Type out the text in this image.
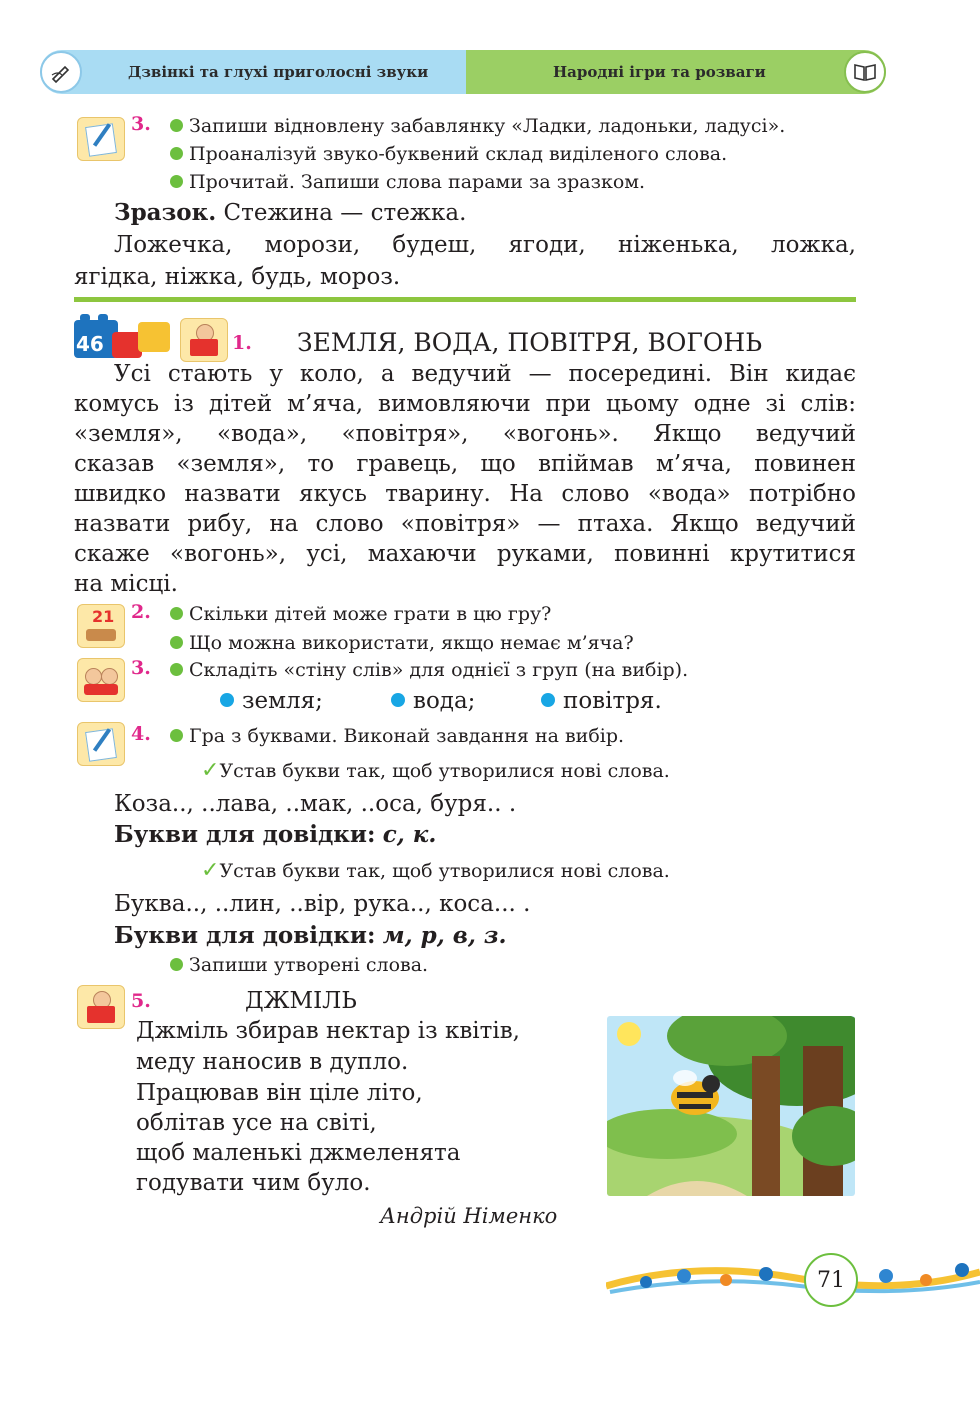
Дзвінкі та глухі приголосні звуки	Народні ігри та розваги
3.	Запиши відновлену забавлянку «Ладки, ладоньки, ладусі».
Проаналізуй звуко-буквений склад виділеного слова.
Прочитай. Запиши слова парами за зразком.
Зразок. Стежина — стежка.
Ложечка, морози, будеш, ягоди, ніженька, ложка,
ягідка, ніжка, будь, мороз.
46	1. ЗЕМЛЯ, ВОДА, ПОВІТРЯ, ВОГОНЬ
Усі стають у коло, а ведучий — посередині. Він кидає
комусь із дітей м’яча, вимовляючи при цьому одне зі слів:
«земля», «вода», «повітря», «вогонь». Якщо ведучий
сказав «земля», то гравець, що впіймав м’яча, повинен
швидко назвати якусь тварину. На слово «вода» потрібно
назвати рибу, на слово «повітря» — птаха. Якщо ведучий
скаже «вогонь», усі, махаючи руками, повинні крутитися
на місці.
21 2.	Скільки дітей може грати в цю гру?
Що можна використати, якщо немає м’яча?
3.	Складіть «стіну слів» для однієї з груп (на вибір).
земля;	вода;	повітря.
4.	Гра з буквами. Виконай завдання на вибір.
✓Устав букви так, щоб утворилися нові слова.
Коза.., ..лава, ..мак, ..оса, буря.. .
Букви для довідки: с, к.
✓Устав букви так, щоб утворилися нові слова.
Буква.., ..лин, ..вір, рука.., коса... .
Букви для довідки: м, р, в, з.
Запиши утворені слова.
5.	ДЖМІЛЬ
Джміль збирав нектар із квітів,
меду наносив в дупло.
Працював він ціле літо,
облітав усе на світі,
щоб маленькі джмеленята
годувати чим було.
Андрій Німенко
71
